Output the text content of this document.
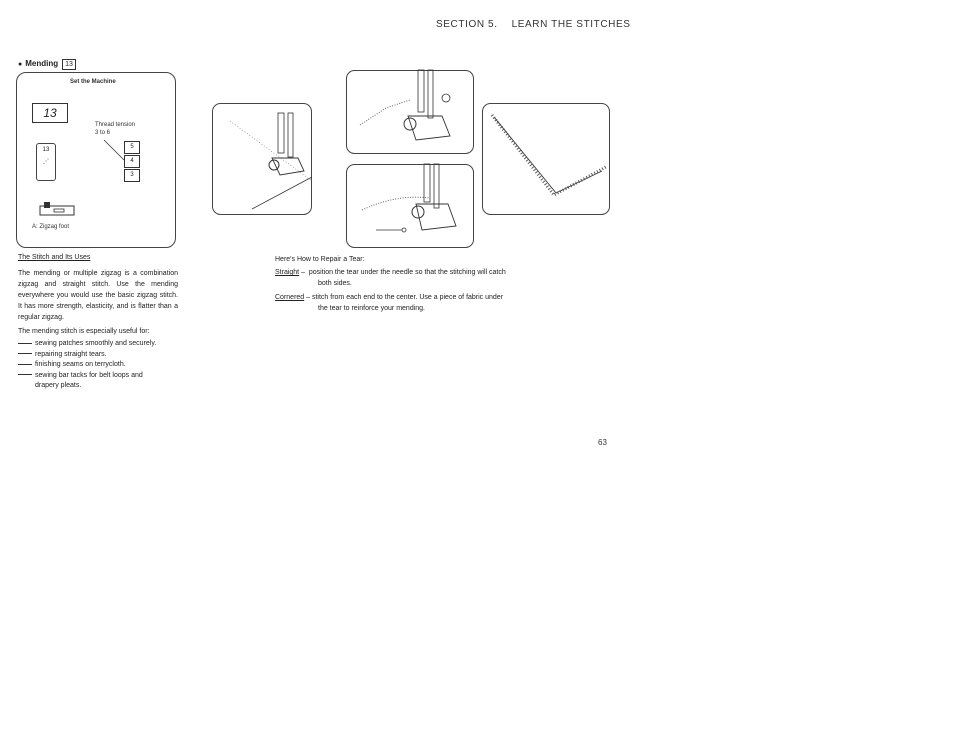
SECTION 5. LEARN THE STITCHES
● Mending 13
Set the Machine
13
13
⋰
Thread tension
3 to 6
5
4
3
A: Zigzag foot
The Stitch and Its Uses
The mending or multiple zigzag is a combination zigzag and straight stitch. Use the mending everywhere you would use the basic zigzag stitch. It has more strength, elasticity, and is flatter than a regular zigzag.
The mending stitch is especially useful for:
sewing patches smoothly and securely.
repairing straight tears.
finishing seams on terrycloth.
sewing bar tacks for belt loops and
drapery pleats.
Here's How to Repair a Tear:
Straight –  position the tear under the needle so that the stitching will catch
both sides.
Cornered – stitch from each end to the center. Use a piece of fabric under
the tear to reinforce your mending.
63
